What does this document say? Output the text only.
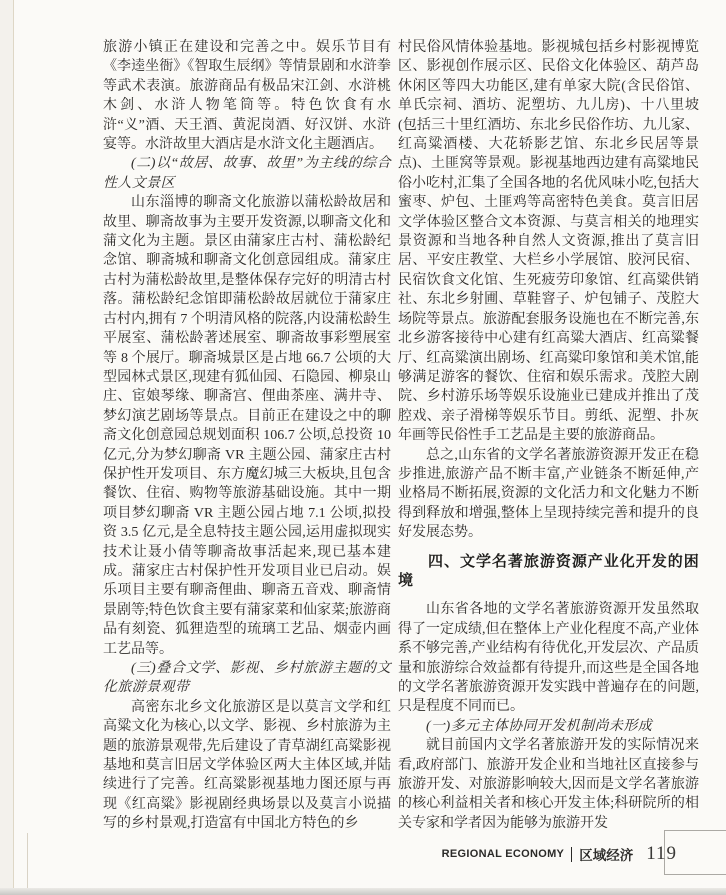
旅游小镇正在建设和完善之中。娱乐节目有《李逵坐衙》《智取生辰纲》等情景剧和水浒拳等武术表演。旅游商品有极品宋江剑、水浒桃木剑、水浒人物笔筒等。特色饮食有水浒“义”酒、天王酒、黄泥岗酒、好汉饼、水浒宴等。水浒故里大酒店是水浒文化主题酒店。

(二)以“故居、故事、故里”为主线的综合性人文景区

山东淄博的聊斋文化旅游以蒲松龄故居和故里、聊斋故事为主要开发资源,以聊斋文化和蒲文化为主题。景区由蒲家庄古村、蒲松龄纪念馆、聊斋城和聊斋文化创意园组成。蒲家庄古村为蒲松龄故里,是整体保存完好的明清古村落。蒲松龄纪念馆即蒲松龄故居就位于蒲家庄古村内,拥有 7 个明清风格的院落,内设蒲松龄生平展室、蒲松龄著述展室、聊斋故事彩塑展室等 8 个展厅。聊斋城景区是占地 66.7 公顷的大型园林式景区,现建有狐仙园、石隐园、柳泉山庄、宦娘琴缘、聊斋宫、俚曲茶座、满井寺、梦幻演艺剧场等景点。目前正在建设之中的聊斋文化创意园总规划面积 106.7 公顷,总投资 10 亿元,分为梦幻聊斋 VR 主题公园、蒲家庄古村保护性开发项目、东方魔幻城三大板块,且包含餐饮、住宿、购物等旅游基础设施。其中一期项目梦幻聊斋 VR 主题公园占地 7.1 公顷,拟投资 3.5 亿元,是全息特技主题公园,运用虚拟现实技术让聂小倩等聊斋故事活起来,现已基本建成。蒲家庄古村保护性开发项目业已启动。娱乐项目主要有聊斋俚曲、聊斋五音戏、聊斋情景剧等;特色饮食主要有蒲家菜和仙家菜;旅游商品有刻瓷、狐狸造型的琉璃工艺品、烟壶内画工艺品等。

(三)叠合文学、影视、乡村旅游主题的文化旅游景观带

高密东北乡文化旅游区是以莫言文学和红高粱文化为核心,以文学、影视、乡村旅游为主题的旅游景观带,先后建设了青草湖红高粱影视基地和莫言旧居文学体验区两大主体区域,并陆续进行了完善。红高粱影视基地力图还原与再现《红高粱》影视剧经典场景以及莫言小说描写的乡村景观,打造富有中国北方特色的乡

村民俗风情体验基地。影视城包括乡村影视博览区、影视创作展示区、民俗文化体验区、葫芦岛休闲区等四大功能区,建有单家大院(含民俗馆、单氏宗祠、酒坊、泥塑坊、九儿房)、十八里坡(包括三十里红酒坊、东北乡民俗作坊、九儿家、红高粱酒楼、大花轿影艺馆、东北乡民居等景点)、土匪窝等景观。影视基地西边建有高粱地民俗小吃村,汇集了全国各地的名优风味小吃,包括大蜜枣、炉包、土匪鸡等高密特色美食。莫言旧居文学体验区整合文本资源、与莫言相关的地理实景资源和当地各种自然人文资源,推出了莫言旧居、平安庄教堂、大栏乡小学展馆、胶河民宿、民宿饮食文化馆、生死疲劳印象馆、红高粱供销社、东北乡射圃、草鞋窨子、炉包铺子、茂腔大场院等景点。旅游配套服务设施也在不断完善,东北乡游客接待中心建有红高粱大酒店、红高粱餐厅、红高粱演出剧场、红高粱印象馆和美术馆,能够满足游客的餐饮、住宿和娱乐需求。茂腔大剧院、乡村游乐场等娱乐设施业已建成并推出了茂腔戏、亲子滑梯等娱乐节目。剪纸、泥塑、扑灰年画等民俗性手工艺品是主要的旅游商品。

总之,山东省的文学名著旅游资源开发正在稳步推进,旅游产品不断丰富,产业链条不断延伸,产业格局不断拓展,资源的文化活力和文化魅力不断得到释放和增强,整体上呈现持续完善和提升的良好发展态势。

四、文学名著旅游资源产业化开发的困境

山东省各地的文学名著旅游资源开发虽然取得了一定成绩,但在整体上产业化程度不高,产业体系不够完善,产业结构有待优化,开发层次、产品质量和旅游综合效益都有待提升,而这些是全国各地的文学名著旅游资源开发实践中普遍存在的问题,只是程度不同而已。

(一)多元主体协同开发机制尚未形成

就目前国内文学名著旅游开发的实际情况来看,政府部门、旅游开发企业和当地社区直接参与旅游开发、对旅游影响较大,因而是文学名著旅游的核心利益相关者和核心开发主体;科研院所的相关专家和学者因为能够为旅游开发

REGIONAL ECONOMY 区域经济 119
